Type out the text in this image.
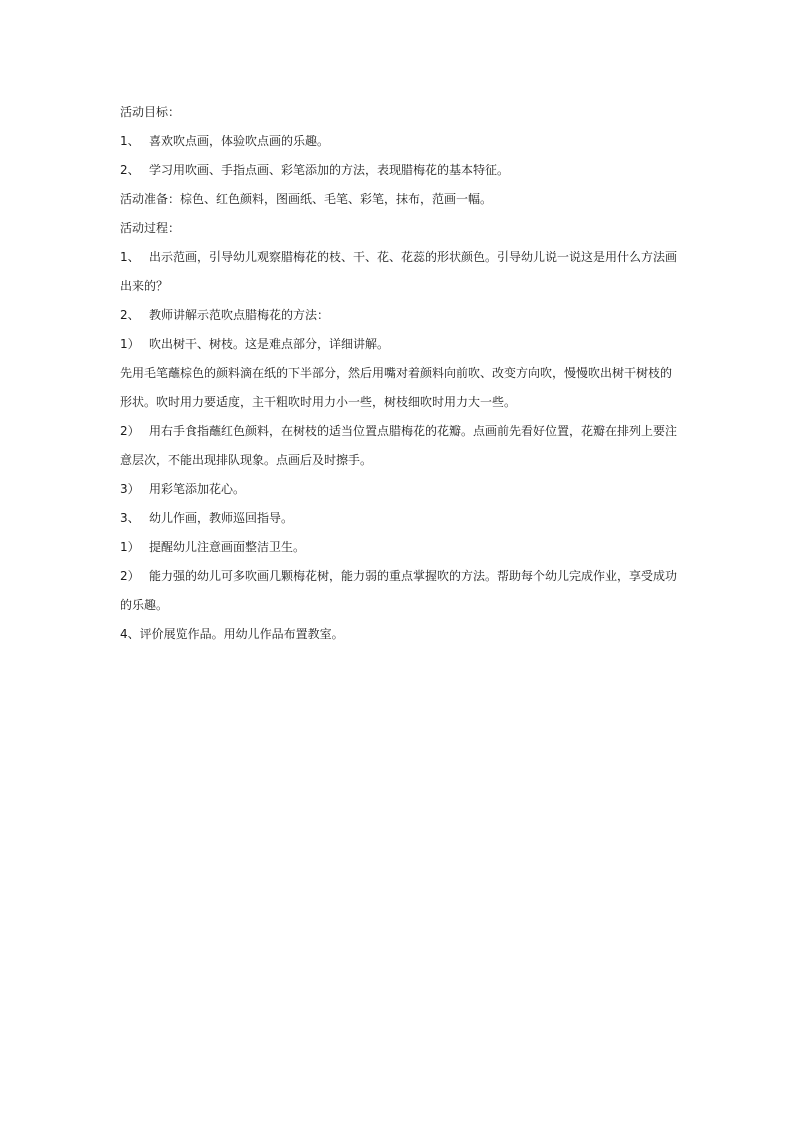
活动目标：
1、 喜欢吹点画，体验吹点画的乐趣。
2、 学习用吹画、手指点画、彩笔添加的方法，表现腊梅花的基本特征。
活动准备：棕色、红色颜料，图画纸、毛笔、彩笔，抹布，范画一幅。
活动过程：
1、 出示范画，引导幼儿观察腊梅花的枝、干、花、花蕊的形状颜色。引导幼儿说一说这是用什么方法画
出来的？
2、 教师讲解示范吹点腊梅花的方法：
1） 吹出树干、树枝。这是难点部分，详细讲解。
先用毛笔蘸棕色的颜料滴在纸的下半部分，然后用嘴对着颜料向前吹、改变方向吹，慢慢吹出树干树枝的
形状。吹时用力要适度，主干粗吹时用力小一些，树枝细吹时用力大一些。
2） 用右手食指蘸红色颜料，在树枝的适当位置点腊梅花的花瓣。点画前先看好位置，花瓣在排列上要注
意层次，不能出现排队现象。点画后及时擦手。
3） 用彩笔添加花心。
3、 幼儿作画，教师巡回指导。
1） 提醒幼儿注意画面整洁卫生。
2） 能力强的幼儿可多吹画几颗梅花树，能力弱的重点掌握吹的方法。帮助每个幼儿完成作业，享受成功
的乐趣。
4、评价展览作品。用幼儿作品布置教室。
